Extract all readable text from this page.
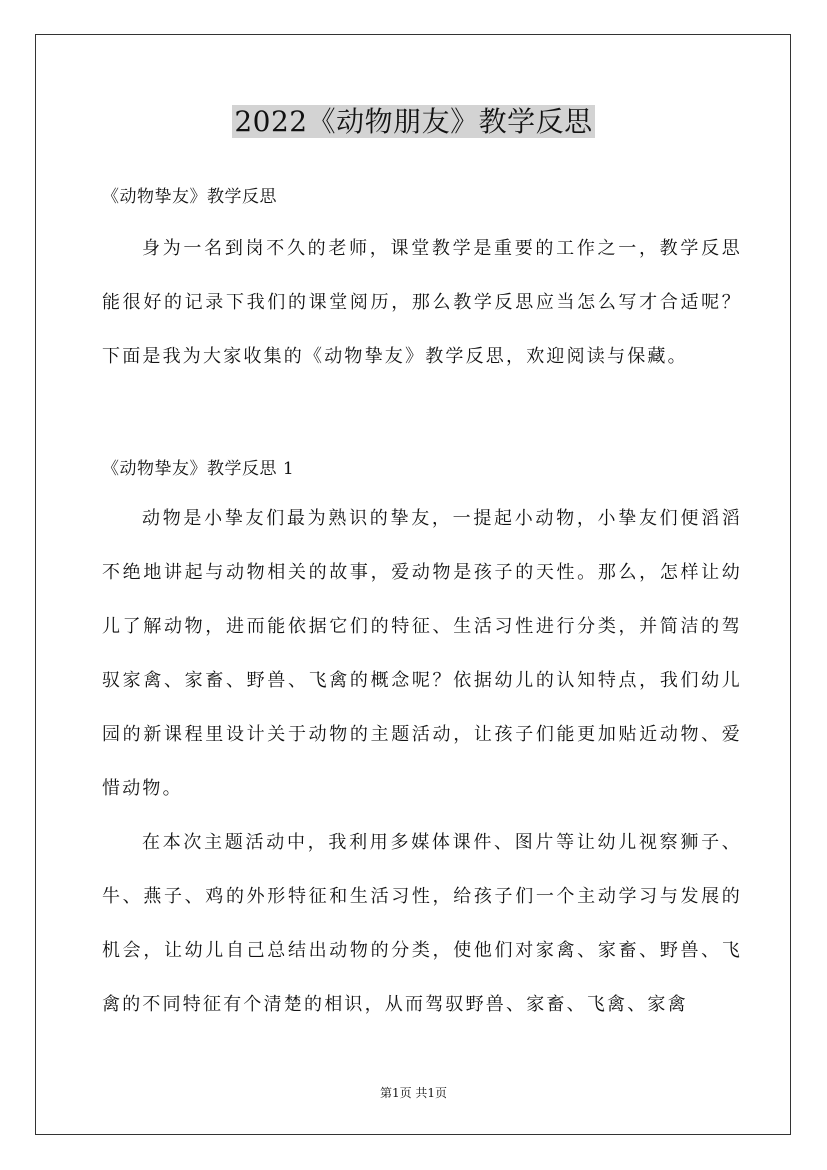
2022《动物朋友》教学反思
《动物挚友》教学反思

身为一名到岗不久的老师，课堂教学是重要的工作之一，教学反思能很好的记录下我们的课堂阅历，那么教学反思应当怎么写才合适呢？下面是我为大家收集的《动物挚友》教学反思，欢迎阅读与保藏。

《动物挚友》教学反思 1

动物是小挚友们最为熟识的挚友，一提起小动物，小挚友们便滔滔不绝地讲起与动物相关的故事，爱动物是孩子的天性。那么，怎样让幼儿了解动物，进而能依据它们的特征、生活习性进行分类，并简洁的驾驭家禽、家畜、野兽、飞禽的概念呢？依据幼儿的认知特点，我们幼儿园的新课程里设计关于动物的主题活动，让孩子们能更加贴近动物、爱惜动物。

在本次主题活动中，我利用多媒体课件、图片等让幼儿视察狮子、牛、燕子、鸡的外形特征和生活习性，给孩子们一个主动学习与发展的机会，让幼儿自己总结出动物的分类，使他们对家禽、家畜、野兽、飞禽的不同特征有个清楚的相识，从而驾驭野兽、家畜、飞禽、家禽

第1页 共1页
